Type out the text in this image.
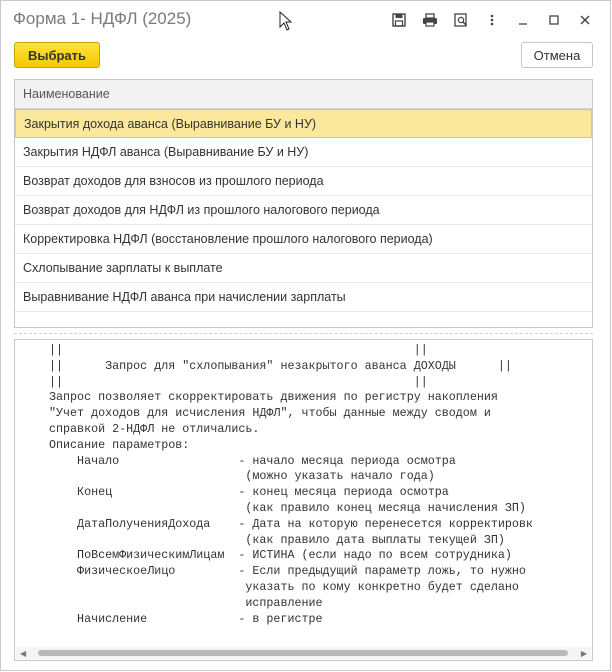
Форма 1- НДФЛ (2025)
Выбрать	Отмена
Наименование
Закрытия дохода аванса (Выравнивание БУ и НУ)
Закрытия НДФЛ аванса (Выравнивание БУ и НУ)
Возврат доходов для взносов из прошлого периода
Возврат доходов для НДФЛ из прошлого налогового периода
Корректировка НДФЛ (восстановление прошлого налогового периода)
Схлопывание зарплаты к выплате
Выравнивание НДФЛ аванса при начислении зарплаты
||                                                  ||
||      Запрос для "схлопывания" незакрытого аванса ДОХОДЫ      ||
||                                                  ||
Запрос позволяет скорректировать движения по регистру накопления
"Учет доходов для исчисления НДФЛ", чтобы данные между сводом и
справкой 2-НДФЛ не отличались.
Описание параметров:
Начало                 - начало месяца периода осмотра
(можно указать начало года)
Конец                  - конец месяца периода осмотра
(как правило конец месяца начисления ЗП)
ДатаПолученияДохода    - Дата на которую перенесется корректировк
(как правило дата выплаты текущей ЗП)
ПоВсемФизическимЛицам  - ИСТИНА (если надо по всем сотрудника)
ФизическоеЛицо         - Если предыдущий параметр ложь, то нужно
указать по кому конкретно будет сделано
исправление
Начисление             - в регистре
◀	▶
